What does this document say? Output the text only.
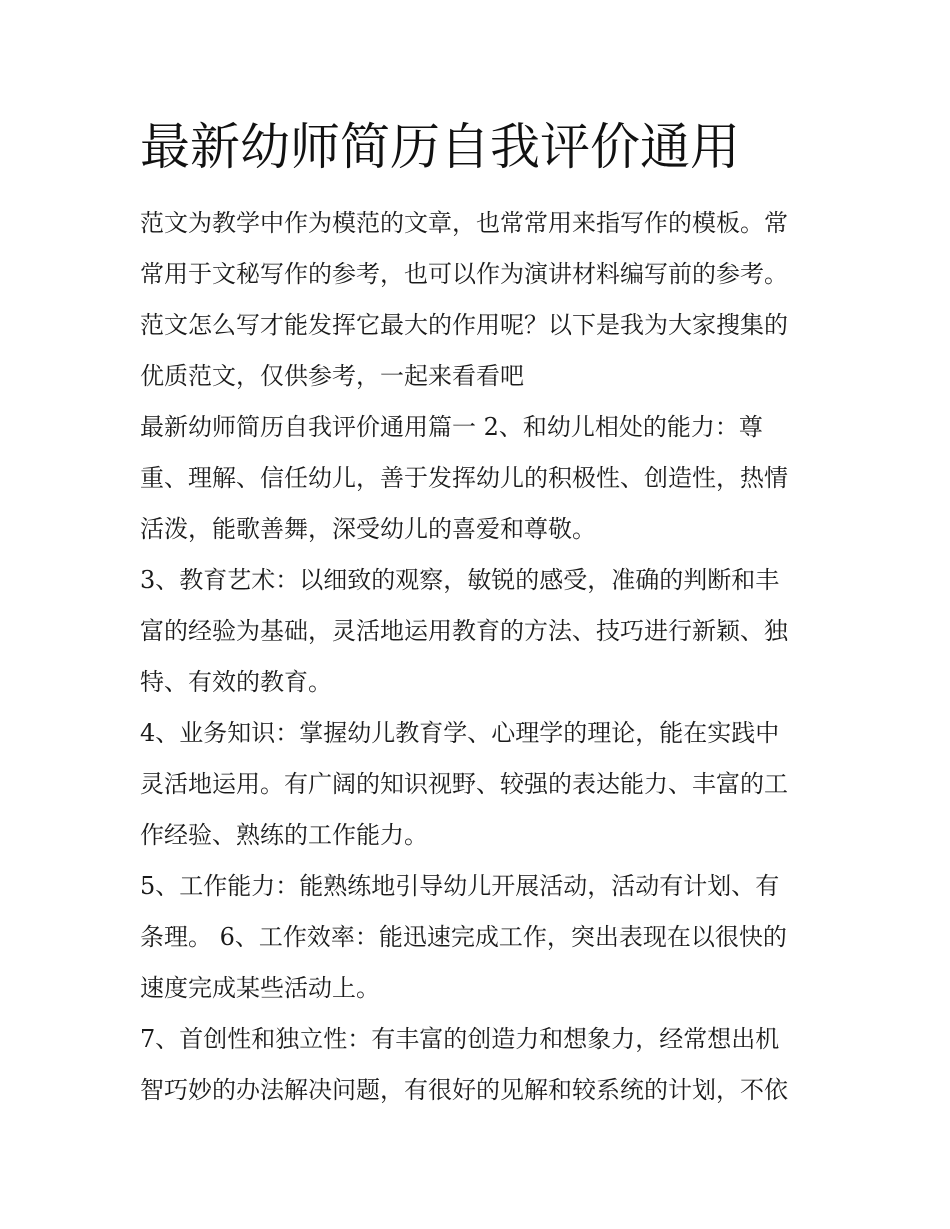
最新幼师简历自我评价通用
范文为教学中作为模范的文章，也常常用来指写作的模板。常
常用于文秘写作的参考，也可以作为演讲材料编写前的参考。
范文怎么写才能发挥它最大的作用呢？以下是我为大家搜集的
优质范文，仅供参考，一起来看看吧
最新幼师简历自我评价通用篇一 2、和幼儿相处的能力：尊
重、理解、信任幼儿，善于发挥幼儿的积极性、创造性，热情
活泼，能歌善舞，深受幼儿的喜爱和尊敬。
3、教育艺术：以细致的观察，敏锐的感受，准确的判断和丰
富的经验为基础，灵活地运用教育的方法、技巧进行新颖、独
特、有效的教育。
4、业务知识：掌握幼儿教育学、心理学的理论，能在实践中
灵活地运用。有广阔的知识视野、较强的表达能力、丰富的工
作经验、熟练的工作能力。
5、工作能力：能熟练地引导幼儿开展活动，活动有计划、有
条理。 6、工作效率：能迅速完成工作，突出表现在以很快的
速度完成某些活动上。
7、首创性和独立性：有丰富的创造力和想象力，经常想出机
智巧妙的办法解决问题，有很好的见解和较系统的计划，不依
